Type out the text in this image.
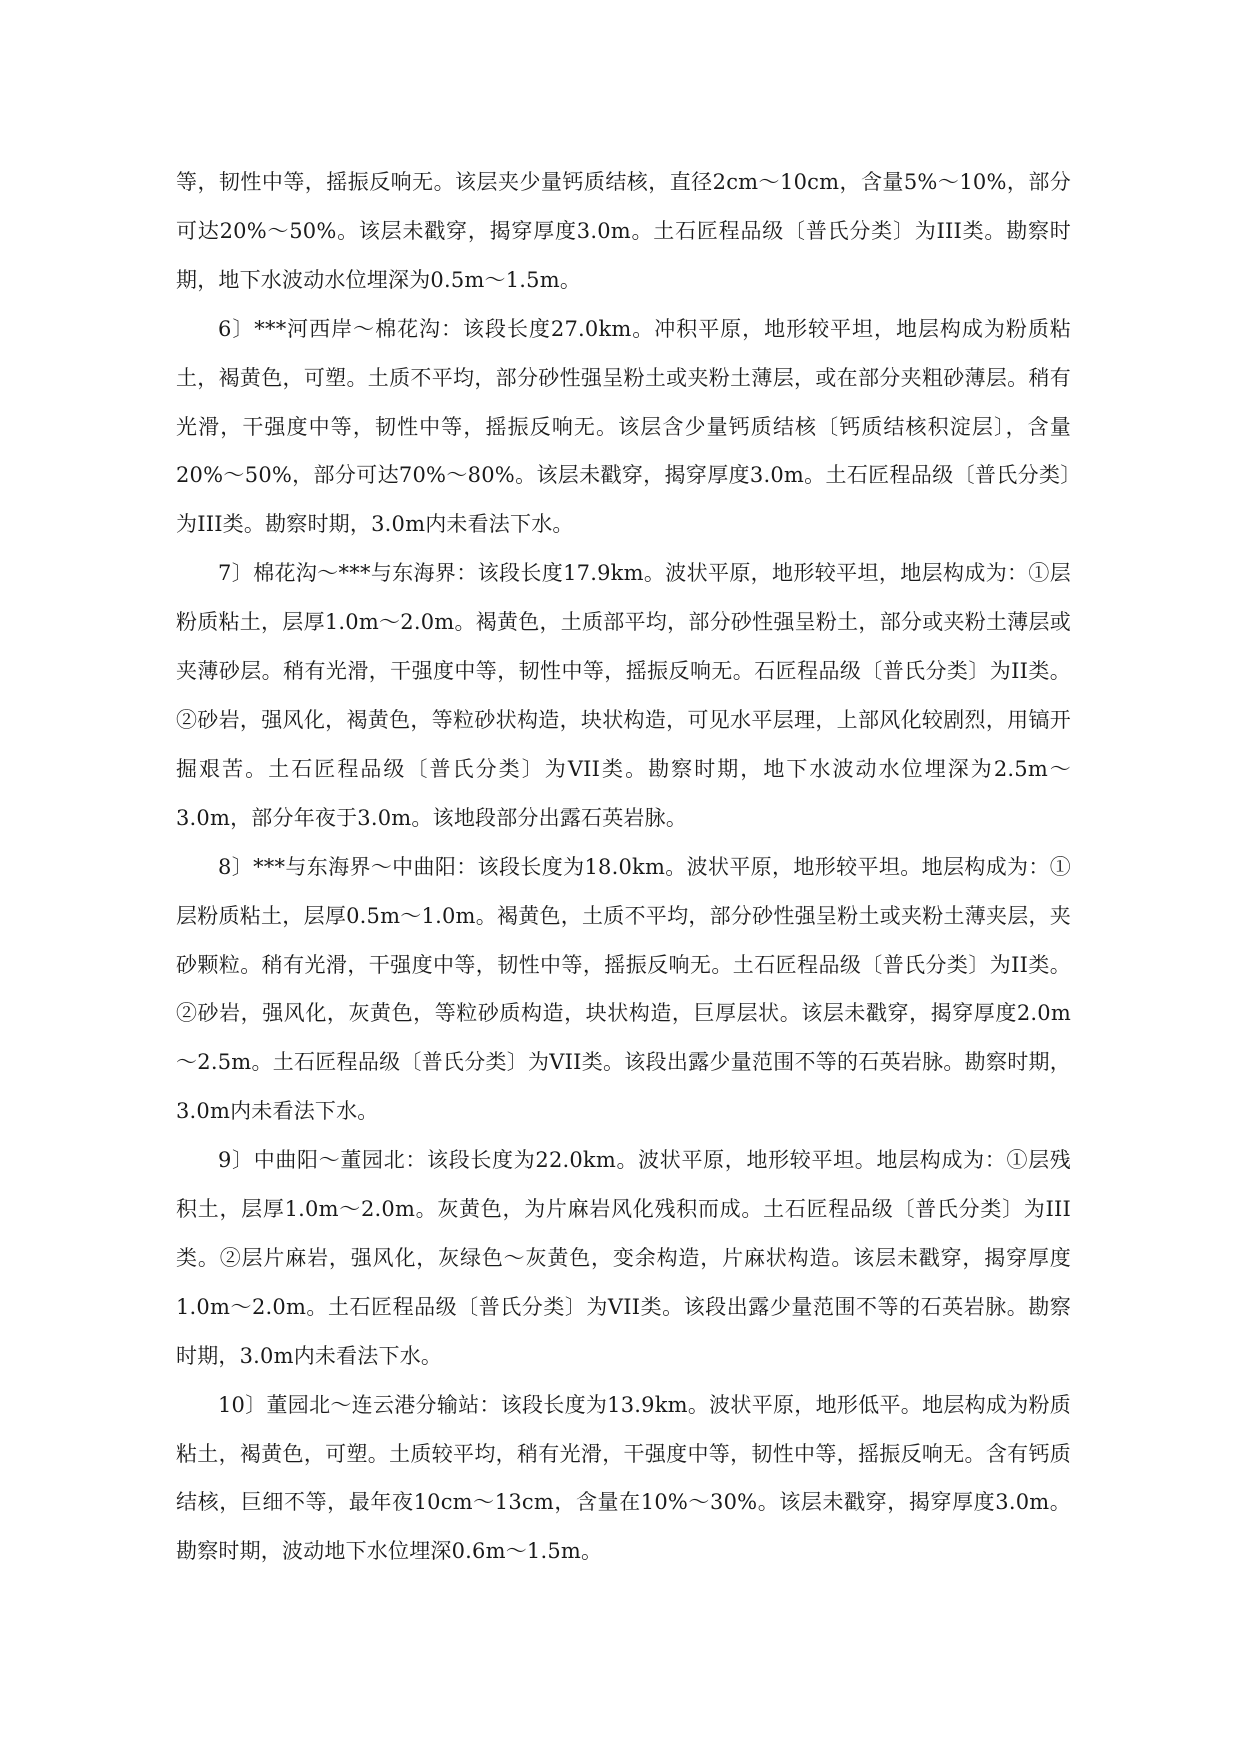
等，韧性中等，摇振反响无。该层夹少量钙质结核，直径2cm～10cm，含量5%～10%，部分可达20%～50%。该层未戳穿，揭穿厚度3.0m。土石匠程品级〔普氏分类〕为III类。勘察时期，地下水波动水位埋深为0.5m～1.5m。

6〕***河西岸～棉花沟：该段长度27.0km。冲积平原，地形较平坦，地层构成为粉质粘土，褐黄色，可塑。土质不平均，部分砂性强呈粉土或夹粉土薄层，或在部分夹粗砂薄层。稍有光滑，干强度中等，韧性中等，摇振反响无。该层含少量钙质结核〔钙质结核积淀层〕，含量20%～50%，部分可达70%～80%。该层未戳穿，揭穿厚度3.0m。土石匠程品级〔普氏分类〕为III类。勘察时期，3.0m内未看法下水。

7〕棉花沟～***与东海界：该段长度17.9km。波状平原，地形较平坦，地层构成为：①层粉质粘土，层厚1.0m～2.0m。褐黄色，土质部平均，部分砂性强呈粉土，部分或夹粉土薄层或夹薄砂层。稍有光滑，干强度中等，韧性中等，摇振反响无。石匠程品级〔普氏分类〕为II类。②砂岩，强风化，褐黄色，等粒砂状构造，块状构造，可见水平层理，上部风化较剧烈，用镐开掘艰苦。土石匠程品级〔普氏分类〕为VII类。勘察时期，地下水波动水位埋深为2.5m～3.0m，部分年夜于3.0m。该地段部分出露石英岩脉。

8〕***与东海界～中曲阳：该段长度为18.0km。波状平原，地形较平坦。地层构成为：①层粉质粘土，层厚0.5m～1.0m。褐黄色，土质不平均，部分砂性强呈粉土或夹粉土薄夹层，夹砂颗粒。稍有光滑，干强度中等，韧性中等，摇振反响无。土石匠程品级〔普氏分类〕为II类。②砂岩，强风化，灰黄色，等粒砂质构造，块状构造，巨厚层状。该层未戳穿，揭穿厚度2.0m～2.5m。土石匠程品级〔普氏分类〕为VII类。该段出露少量范围不等的石英岩脉。勘察时期，3.0m内未看法下水。

9〕中曲阳～董园北：该段长度为22.0km。波状平原，地形较平坦。地层构成为：①层残积土，层厚1.0m～2.0m。灰黄色，为片麻岩风化残积而成。土石匠程品级〔普氏分类〕为III类。②层片麻岩，强风化，灰绿色～灰黄色，变余构造，片麻状构造。该层未戳穿，揭穿厚度1.0m～2.0m。土石匠程品级〔普氏分类〕为VII类。该段出露少量范围不等的石英岩脉。勘察时期，3.0m内未看法下水。

10〕董园北～连云港分输站：该段长度为13.9km。波状平原，地形低平。地层构成为粉质粘土，褐黄色，可塑。土质较平均，稍有光滑，干强度中等，韧性中等，摇振反响无。含有钙质结核，巨细不等，最年夜10cm～13cm，含量在10%～30%。该层未戳穿，揭穿厚度3.0m。勘察时期，波动地下水位埋深0.6m～1.5m。
